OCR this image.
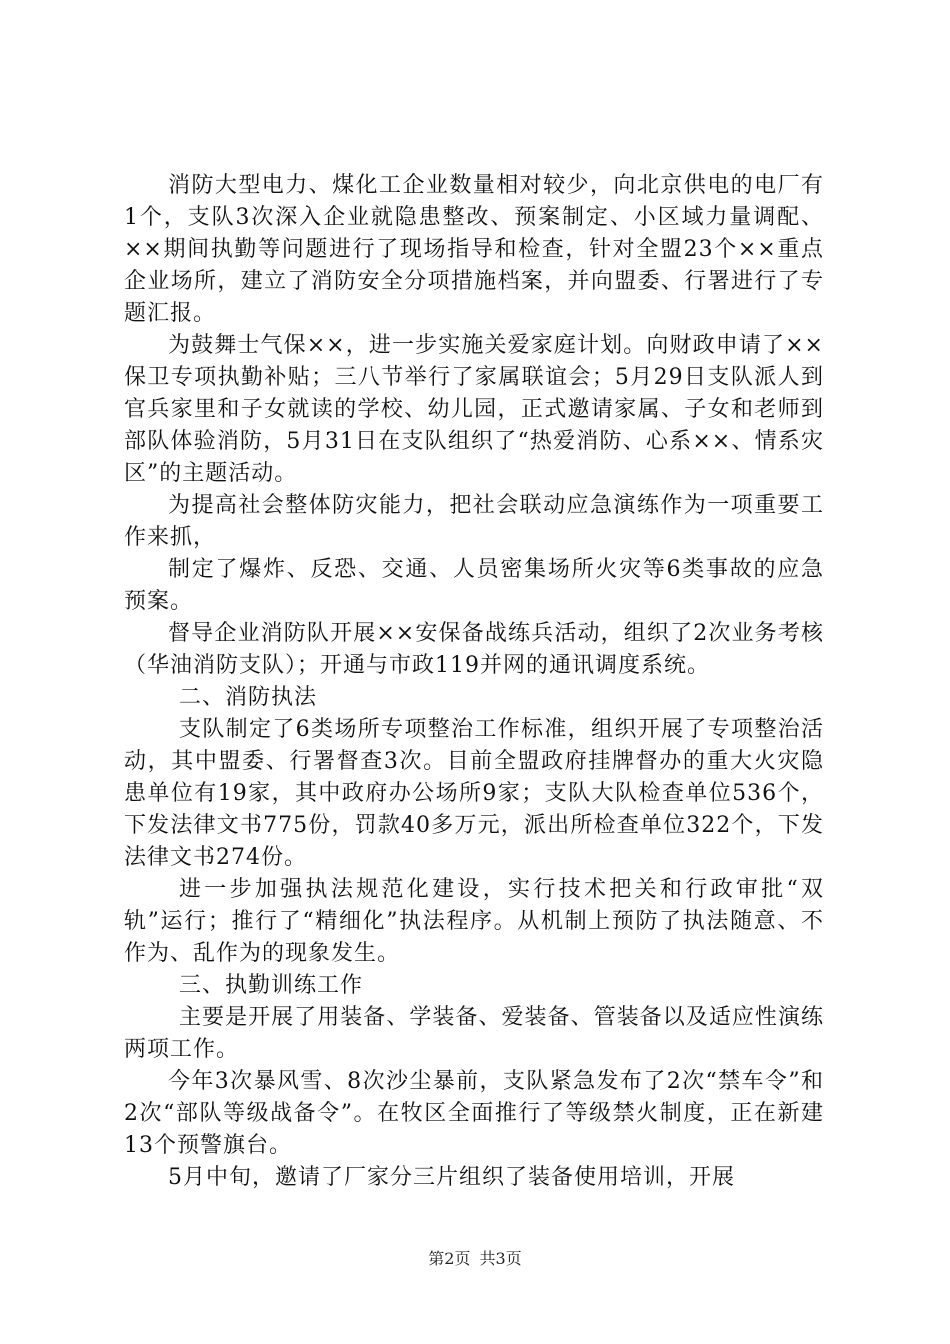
消防大型电力、煤化工企业数量相对较少，向北京供电的电厂有1个，支队3次深入企业就隐患整改、预案制定、小区域力量调配、××期间执勤等问题进行了现场指导和检查，针对全盟23个××重点企业场所，建立了消防安全分项措施档案，并向盟委、行署进行了专题汇报。

为鼓舞士气保××，进一步实施关爱家庭计划。向财政申请了××保卫专项执勤补贴；三八节举行了家属联谊会；5月29日支队派人到官兵家里和子女就读的学校、幼儿园，正式邀请家属、子女和老师到部队体验消防，5月31日在支队组织了“热爱消防、心系××、情系灾区”的主题活动。

为提高社会整体防灾能力，把社会联动应急演练作为一项重要工作来抓，

制定了爆炸、反恐、交通、人员密集场所火灾等6类事故的应急预案。

督导企业消防队开展××安保备战练兵活动，组织了2次业务考核（华油消防支队）；开通与市政119并网的通讯调度系统。

二、消防执法

支队制定了6类场所专项整治工作标准，组织开展了专项整治活动，其中盟委、行署督查3次。目前全盟政府挂牌督办的重大火灾隐患单位有19家，其中政府办公场所9家；支队大队检查单位536个，下发法律文书775份，罚款40多万元，派出所检查单位322个，下发法律文书274份。

进一步加强执法规范化建设，实行技术把关和行政审批“双轨”运行；推行了“精细化”执法程序。从机制上预防了执法随意、不作为、乱作为的现象发生。

三、执勤训练工作

主要是开展了用装备、学装备、爱装备、管装备以及适应性演练两项工作。

今年3次暴风雪、8次沙尘暴前，支队紧急发布了2次“禁车令”和2次“部队等级战备令”。在牧区全面推行了等级禁火制度，正在新建13个预警旗台。

5月中旬，邀请了厂家分三片组织了装备使用培训，开展

第2页 共3页
